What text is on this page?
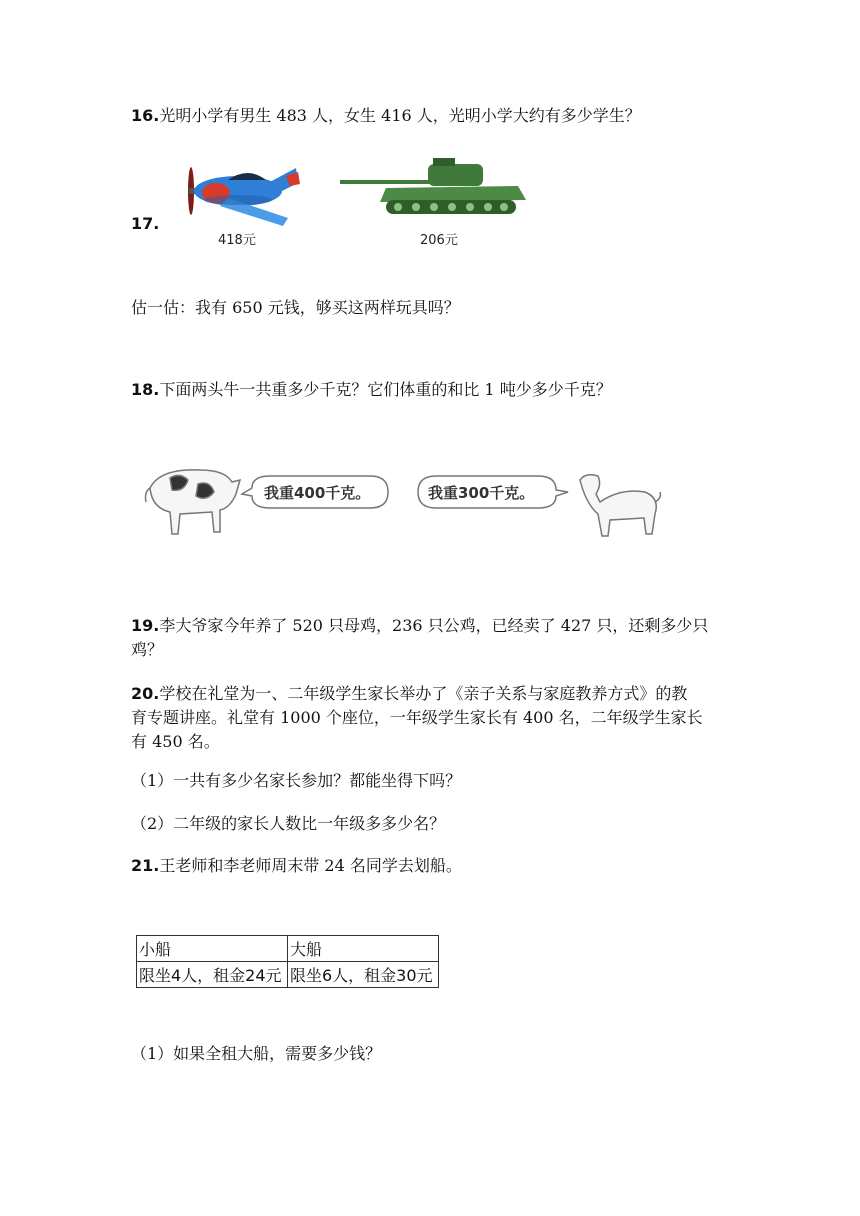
16.光明小学有男生 483 人，女生 416 人，光明小学大约有多少学生？
17.
418元	206元
估一估：我有 650 元钱，够买这两样玩具吗？
18.下面两头牛一共重多少千克？它们体重的和比 1 吨少多少千克？
我重400千克。	我重300千克。
19.李大爷家今年养了 520 只母鸡，236 只公鸡，已经卖了 427 只，还剩多少只
鸡？
20.学校在礼堂为一、二年级学生家长举办了《亲子关系与家庭教养方式》的教
育专题讲座。礼堂有 1000 个座位，一年级学生家长有 400 名，二年级学生家长
有 450 名。
（1）一共有多少名家长参加？都能坐得下吗？
（2）二年级的家长人数比一年级多多少名？
21.王老师和李老师周末带 24 名同学去划船。
小船	大船
限坐4人，租金24元	限坐6人，租金30元
（1）如果全租大船，需要多少钱？
